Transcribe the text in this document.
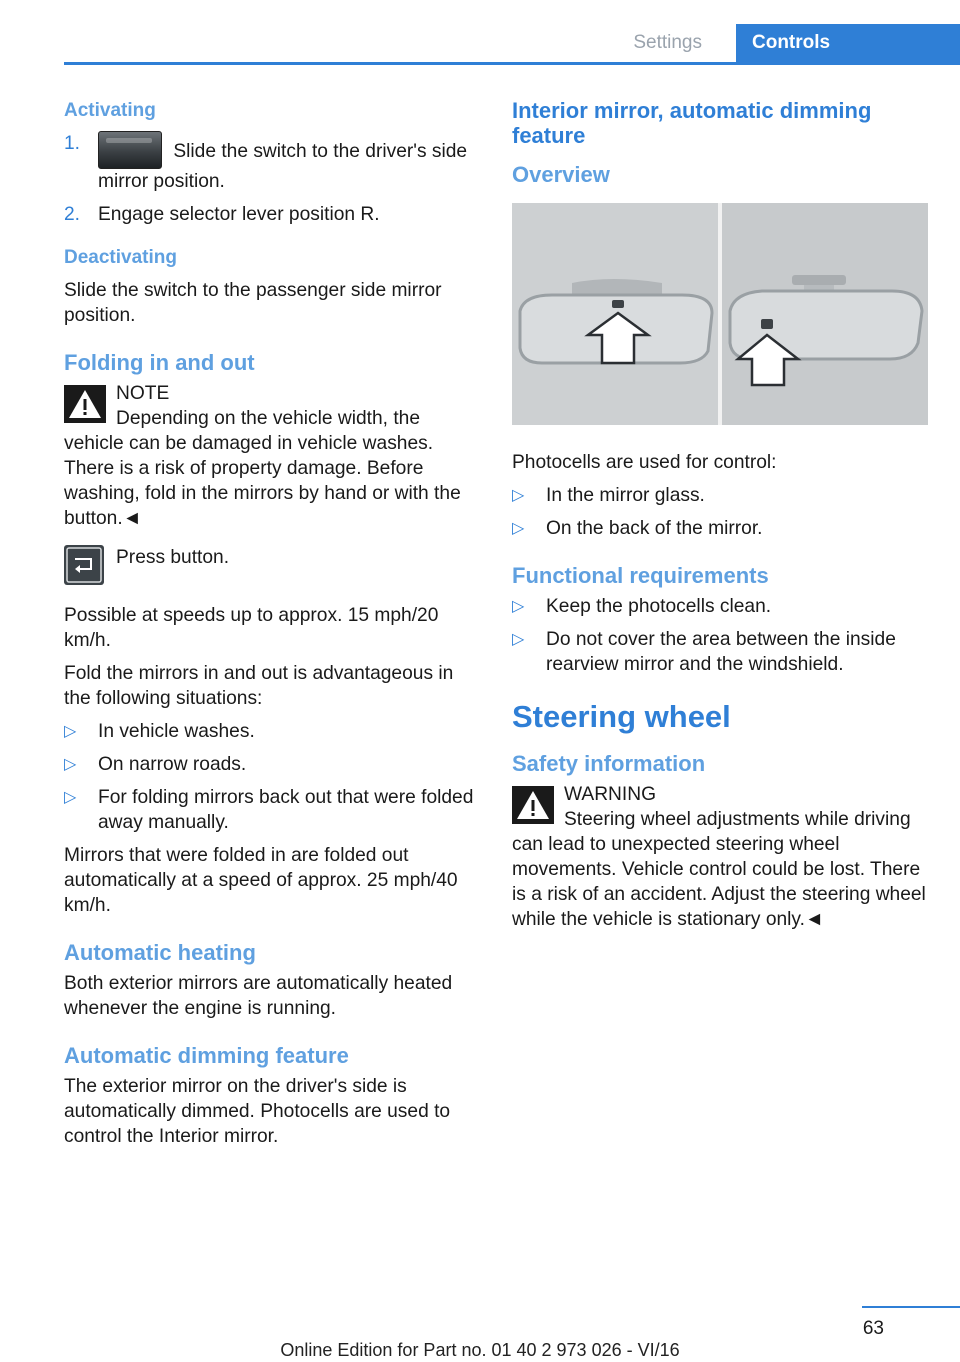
Settings	Controls
Activating
1.	Slide the switch to the driver's side mirror position.
2. Engage selector lever position R.
Deactivating

Slide the switch to the passenger side mirror position.

Folding in and out
NOTE
Depending on the vehicle width, the vehicle can be damaged in vehicle washes. There is a risk of property damage. Before washing, fold in the mirrors by hand or with the button.◄
Press button.

Possible at speeds up to approx. 15 mph/20 km/h.

Fold the mirrors in and out is advantageous in the following situations:

▷ In vehicle washes.
▷ On narrow roads.
▷ For folding mirrors back out that were folded away manually.

Mirrors that were folded in are folded out automatically at a speed of approx. 25 mph/40 km/h.

Automatic heating

Both exterior mirrors are automatically heated whenever the engine is running.

Automatic dimming feature

The exterior mirror on the driver's side is automatically dimmed. Photocells are used to control the Interior mirror.

Interior mirror, automatic dimming feature
Overview

Photocells are used for control:

▷ In the mirror glass.
▷ On the back of the mirror.
Functional requirements
▷ Keep the photocells clean.
▷ Do not cover the area between the inside rearview mirror and the windshield.
Steering wheel
Safety information
WARNING
Steering wheel adjustments while driving can lead to unexpected steering wheel movements. Vehicle control could be lost. There is a risk of an accident. Adjust the steering wheel while the vehicle is stationary only.◄
63
Online Edition for Part no. 01 40 2 973 026 - VI/16
